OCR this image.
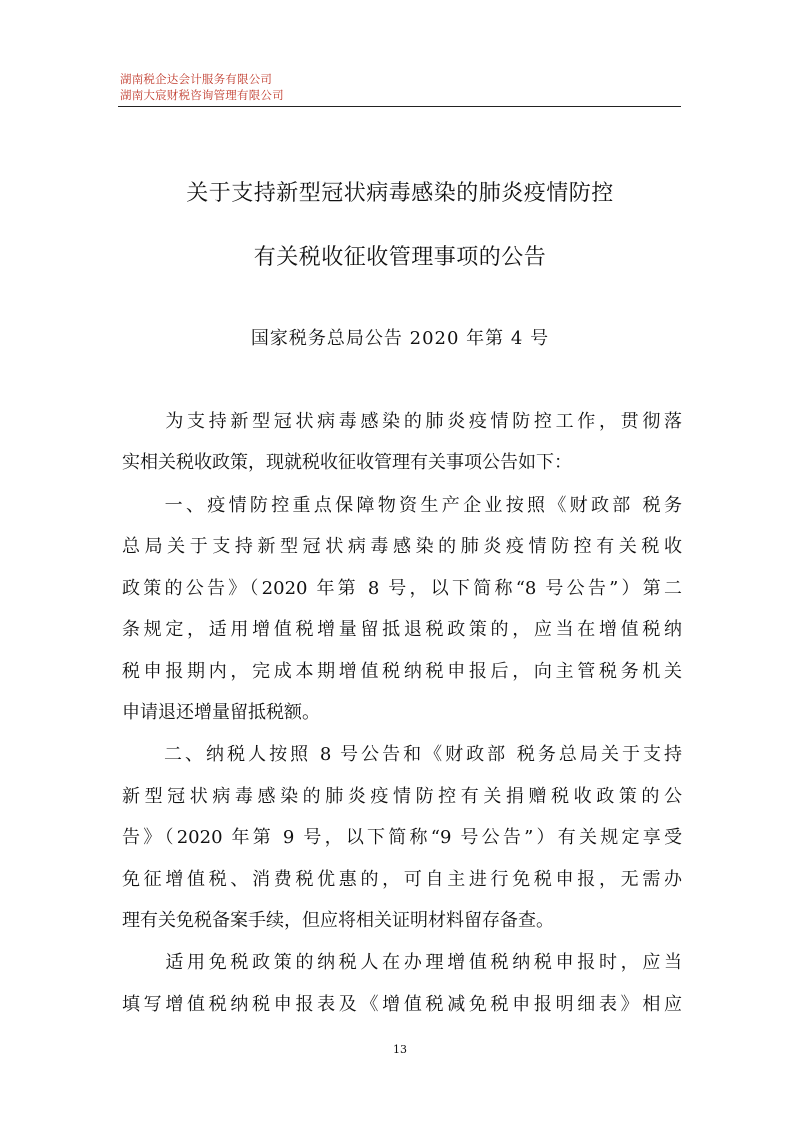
湖南税企达会计服务有限公司
湖南大宸财税咨询管理有限公司
关于支持新型冠状病毒感染的肺炎疫情防控
有关税收征收管理事项的公告
国家税务总局公告 2020 年第 4 号
　　为支持新型冠状病毒感染的肺炎疫情防控工作，贯彻落
实相关税收政策，现就税收征收管理有关事项公告如下：
　　一、疫情防控重点保障物资生产企业按照《财政部 税务
总局关于支持新型冠状病毒感染的肺炎疫情防控有关税收
政策的公告》（2020 年第 8 号，以下简称“8 号公告”）第二
条规定，适用增值税增量留抵退税政策的，应当在增值税纳
税申报期内，完成本期增值税纳税申报后，向主管税务机关
申请退还增量留抵税额。
　　二、纳税人按照 8 号公告和《财政部 税务总局关于支持
新型冠状病毒感染的肺炎疫情防控有关捐赠税收政策的公
告》（2020 年第 9 号，以下简称“9 号公告”）有关规定享受
免征增值税、消费税优惠的，可自主进行免税申报，无需办
理有关免税备案手续，但应将相关证明材料留存备查。
　　适用免税政策的纳税人在办理增值税纳税申报时，应当
填写增值税纳税申报表及《增值税减免税申报明细表》相应
13
